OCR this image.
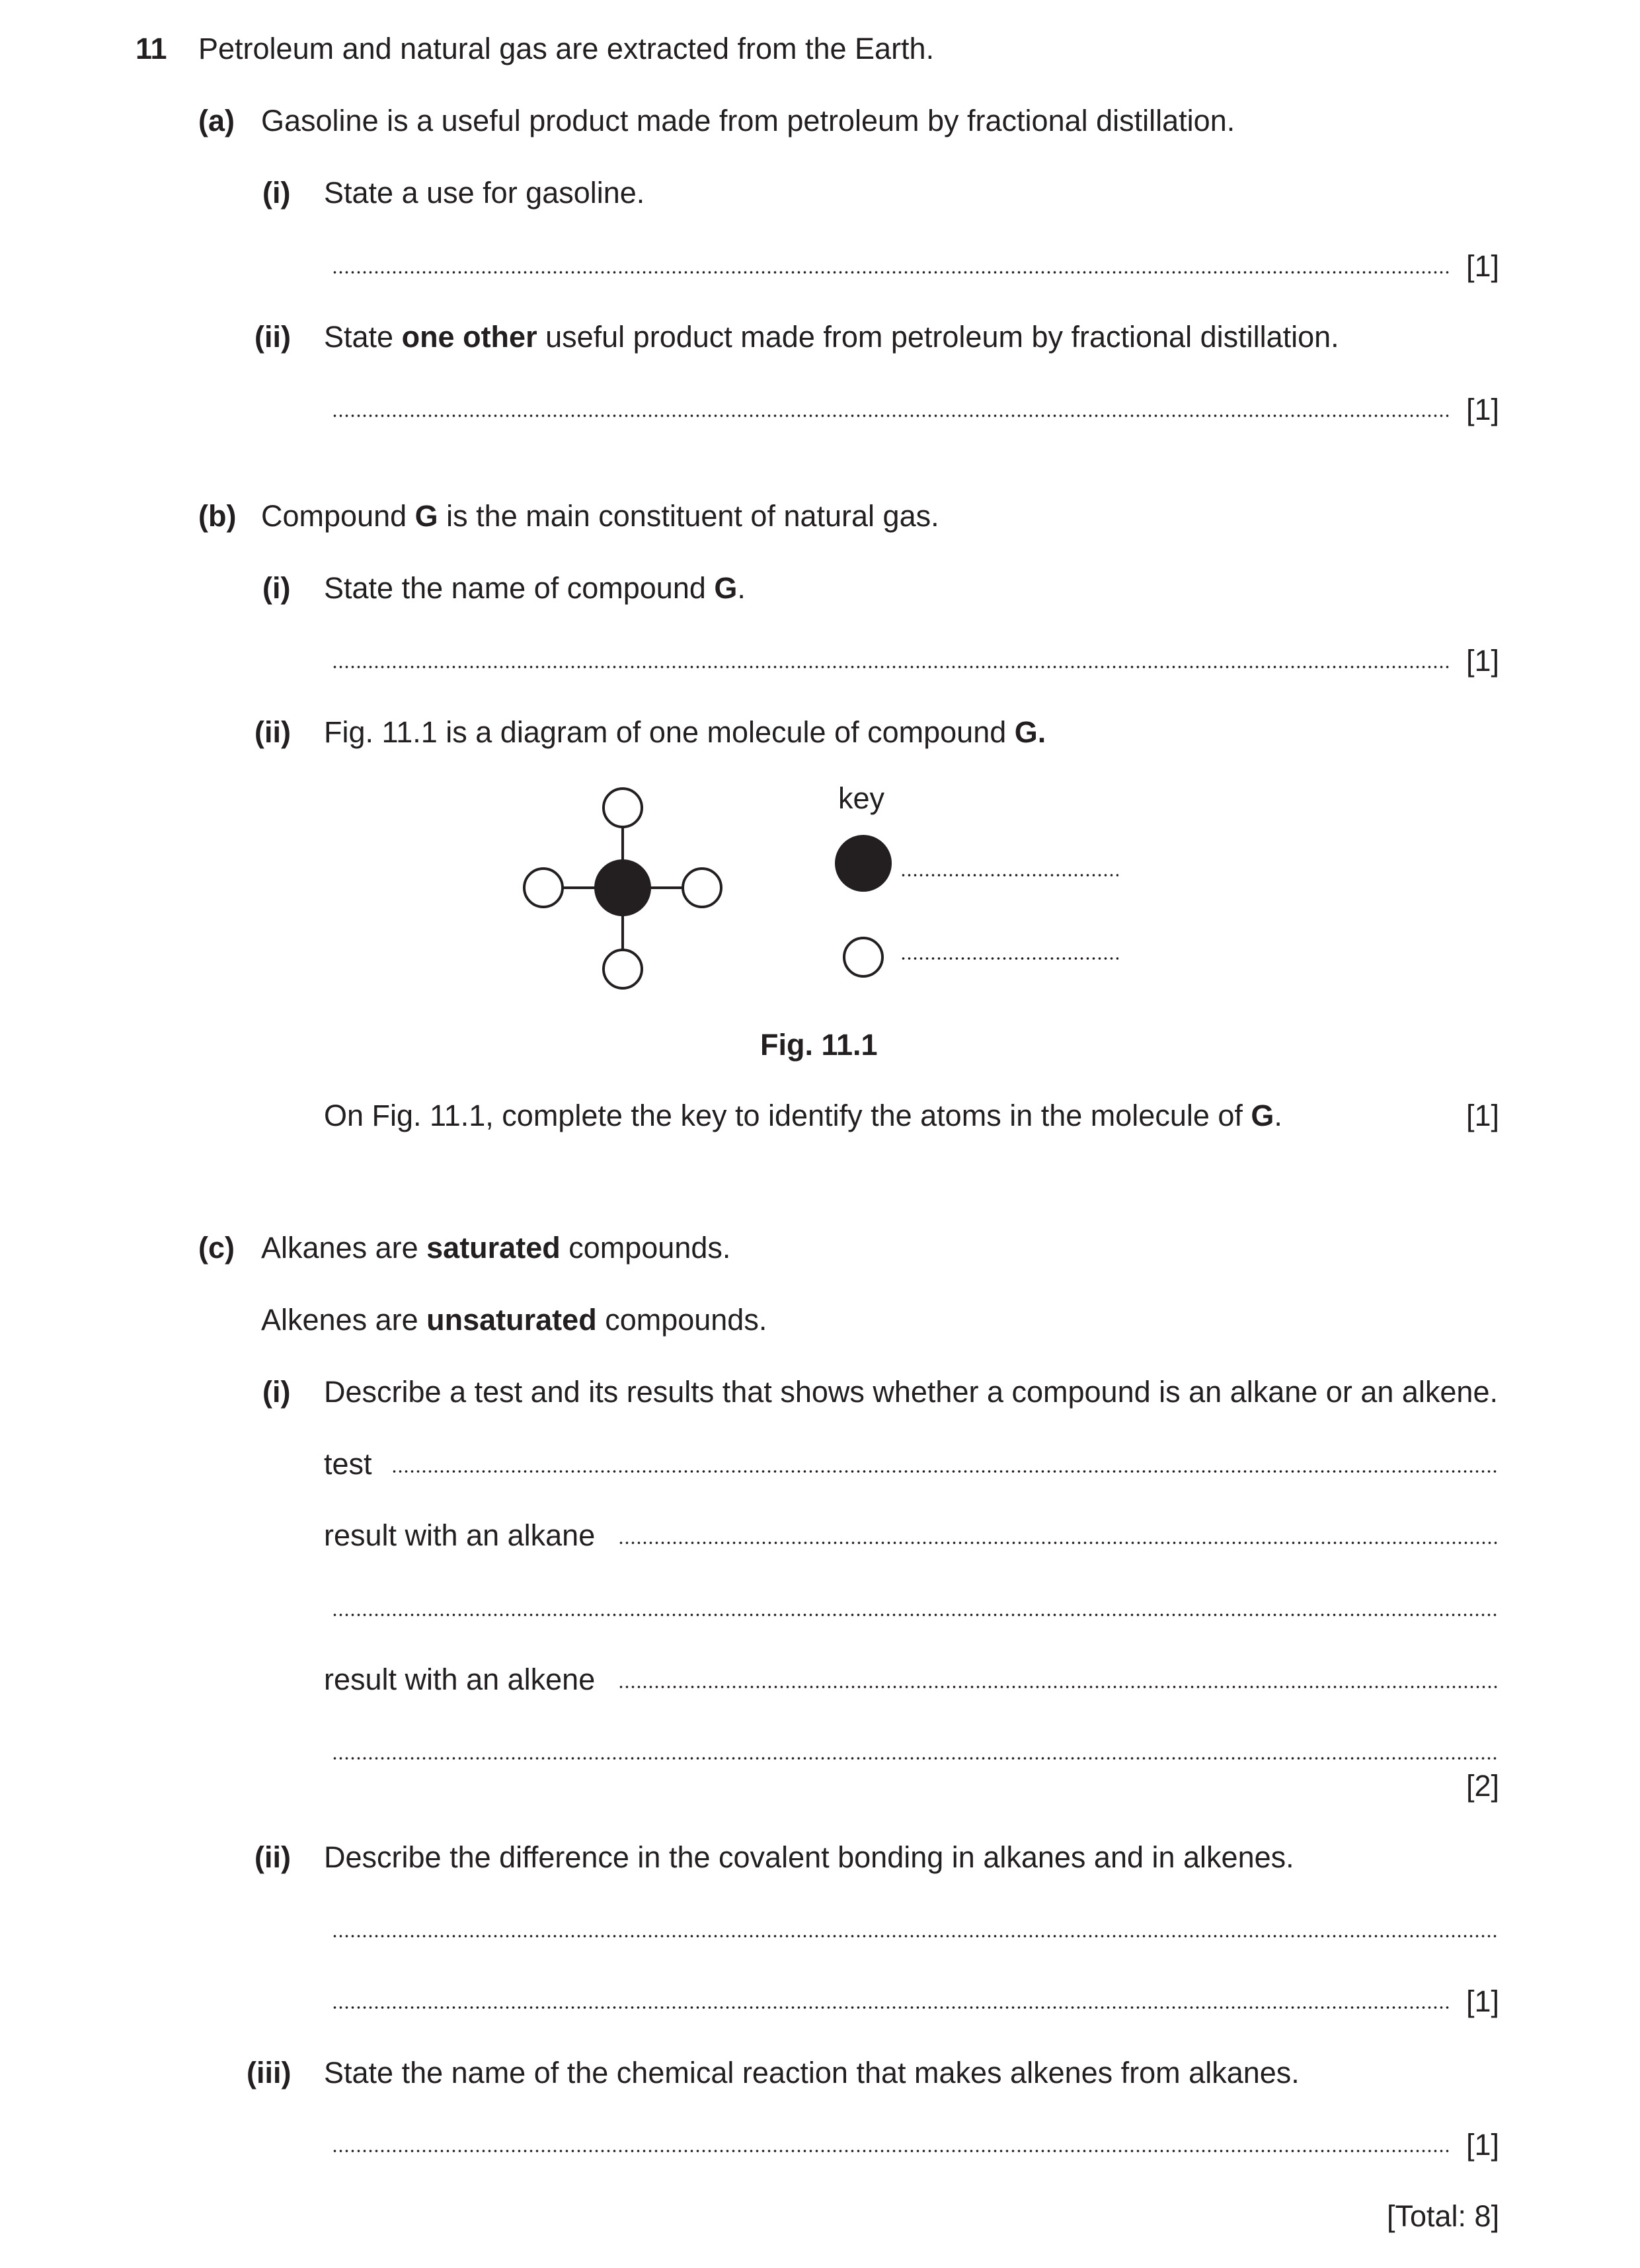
11 Petroleum and natural gas are extracted from the Earth.
(a) Gasoline is a useful product made from petroleum by fractional distillation.
(i) State a use for gasoline.
[1]
(ii) State one other useful product made from petroleum by fractional distillation.
[1]
(b) Compound G is the main constituent of natural gas.
(i) State the name of compound G.
[1]
(ii) Fig. 11.1 is a diagram of one molecule of compound G.
key
Fig. 11.1
On Fig. 11.1, complete the key to identify the atoms in the molecule of G.	[1]
(c) Alkanes are saturated compounds.
Alkenes are unsaturated compounds.
(i) Describe a test and its results that shows whether a compound is an alkane or an alkene.
test
result with an alkane
result with an alkene
[2]
(ii) Describe the difference in the covalent bonding in alkanes and in alkenes.
[1]
(iii) State the name of the chemical reaction that makes alkenes from alkanes.
[1]
[Total: 8]
